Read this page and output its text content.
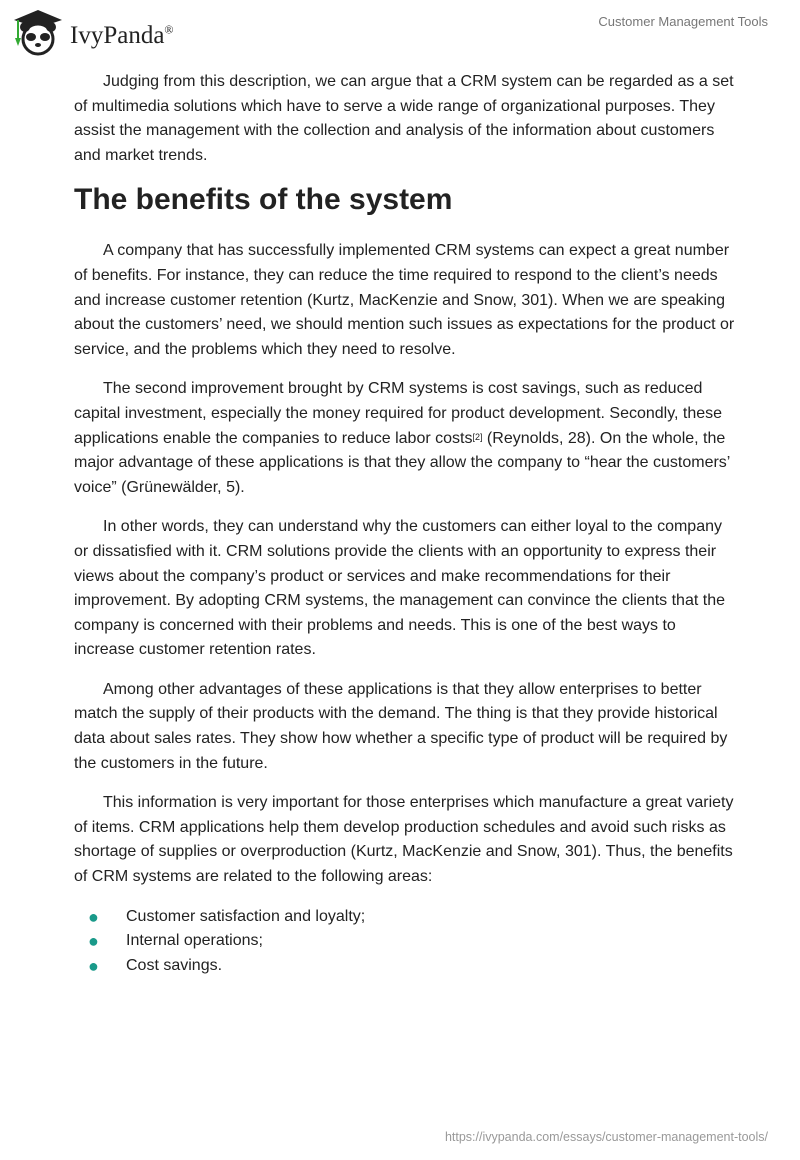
IvyPanda®
Customer Management Tools

Judging from this description, we can argue that a CRM system can be regarded as a set of multimedia solutions which have to serve a wide range of organizational purposes. They assist the management with the collection and analysis of the information about customers and market trends.

The benefits of the system

A company that has successfully implemented CRM systems can expect a great number of benefits. For instance, they can reduce the time required to respond to the client’s needs and increase customer retention (Kurtz, MacKenzie and Snow, 301). When we are speaking about the customers’ need, we should mention such issues as expectations for the product or service, and the problems which they need to resolve.

The second improvement brought by CRM systems is cost savings, such as reduced capital investment, especially the money required for product development. Secondly, these applications enable the companies to reduce labor costs[2] (Reynolds, 28). On the whole, the major advantage of these applications is that they allow the company to “hear the customers’ voice” (Grünewälder, 5).

In other words, they can understand why the customers can either loyal to the company or dissatisfied with it. CRM solutions provide the clients with an opportunity to express their views about the company’s product or services and make recommendations for their improvement. By adopting CRM systems, the management can convince the clients that the company is concerned with their problems and needs. This is one of the best ways to increase customer retention rates.

Among other advantages of these applications is that they allow enterprises to better match the supply of their products with the demand. The thing is that they provide historical data about sales rates. They show how whether a specific type of product will be required by the customers in the future.

This information is very important for those enterprises which manufacture a great variety of items. CRM applications help them develop production schedules and avoid such risks as shortage of supplies or overproduction (Kurtz, MacKenzie and Snow, 301). Thus, the benefits of CRM systems are related to the following areas:

● Customer satisfaction and loyalty;
● Internal operations;
● Cost savings.
https://ivypanda.com/essays/customer-management-tools/
